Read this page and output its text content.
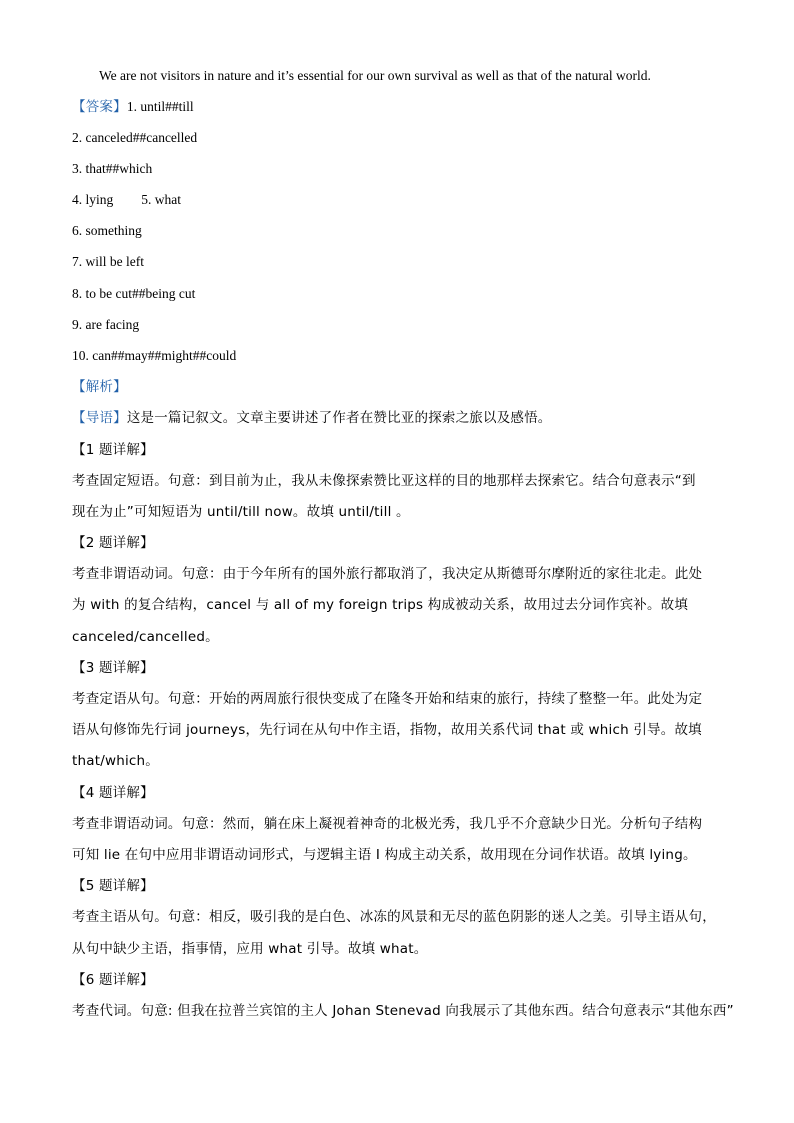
We are not visitors in nature and it’s essential for our own survival as well as that of the natural world.
【答案】1. until##till
2. canceled##cancelled
3. that##which
4. lying 5. what
6. something
7. will be left
8. to be cut##being cut
9. are facing
10. can##may##might##could
【解析】
【导语】这是一篇记叙文。文章主要讲述了作者在赞比亚的探索之旅以及感悟。
【1 题详解】
考查固定短语。句意：到目前为止，我从未像探索赞比亚这样的目的地那样去探索它。结合句意表示“到
现在为止”可知短语为 until/till now。故填 until/till 。
【2 题详解】
考查非谓语动词。句意：由于今年所有的国外旅行都取消了，我决定从斯德哥尔摩附近的家往北走。此处
为 with 的复合结构，cancel 与 all of my foreign trips 构成被动关系，故用过去分词作宾补。故填
canceled/cancelled。
【3 题详解】
考查定语从句。句意：开始的两周旅行很快变成了在隆冬开始和结束的旅行，持续了整整一年。此处为定
语从句修饰先行词 journeys，先行词在从句中作主语，指物，故用关系代词 that 或 which 引导。故填
that/which。
【4 题详解】
考查非谓语动词。句意：然而，躺在床上凝视着神奇的北极光秀，我几乎不介意缺少日光。分析句子结构
可知 lie 在句中应用非谓语动词形式，与逻辑主语 I 构成主动关系，故用现在分词作状语。故填 lying。
【5 题详解】
考查主语从句。句意：相反，吸引我的是白色、冰冻的风景和无尽的蓝色阴影的迷人之美。引导主语从句，
从句中缺少主语，指事情，应用 what 引导。故填 what。
【6 题详解】
考查代词。句意: 但我在拉普兰宾馆的主人 Johan Stenevad 向我展示了其他东西。结合句意表示“其他东西”
